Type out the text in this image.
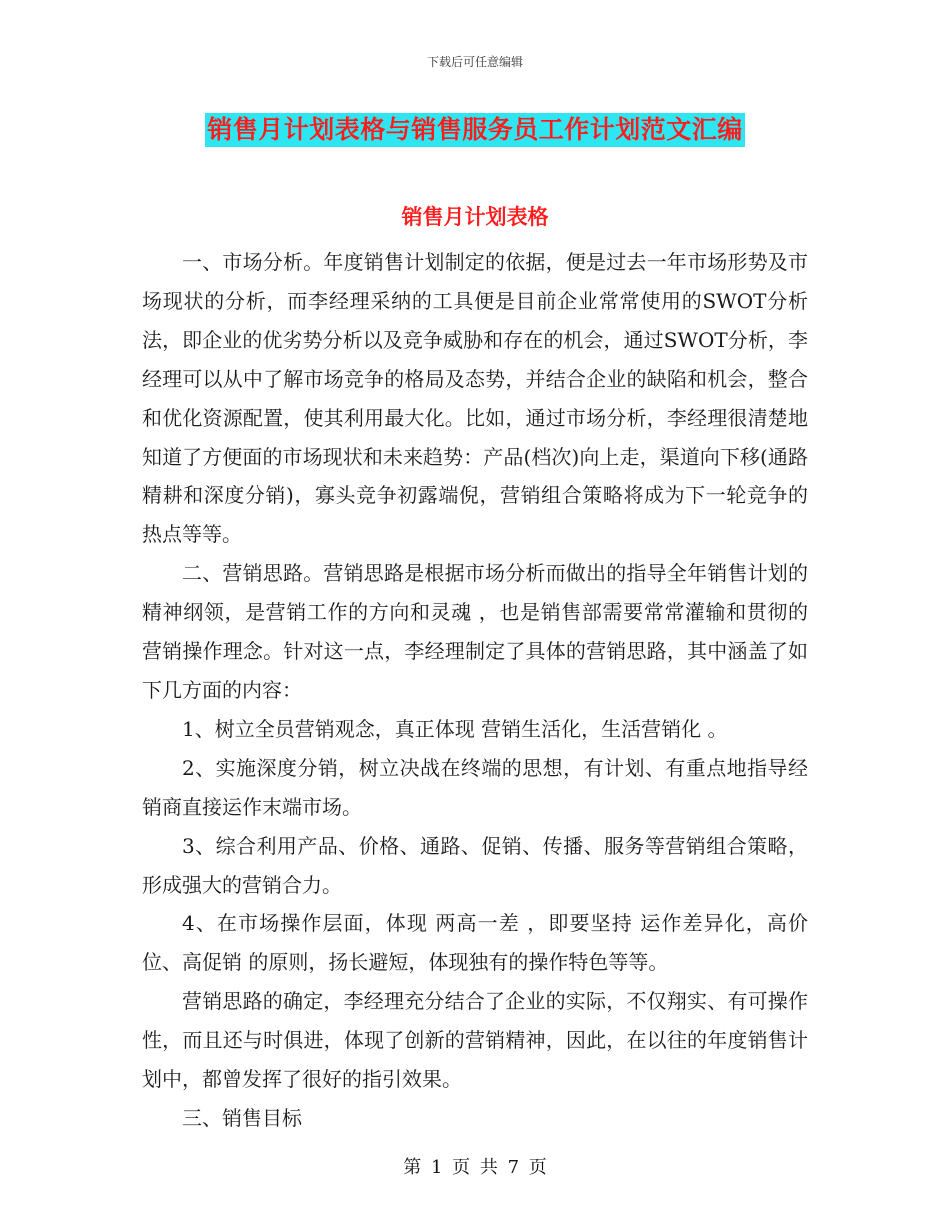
下载后可任意编辑
销售月计划表格与销售服务员工作计划范文汇编
销售月计划表格

一、市场分析。年度销售计划制定的依据，便是过去一年市场形势及市场现状的分析，而李经理采纳的工具便是目前企业常常使用的SWOT分析法，即企业的优劣势分析以及竞争威胁和存在的机会，通过SWOT分析，李经理可以从中了解市场竞争的格局及态势，并结合企业的缺陷和机会，整合和优化资源配置，使其利用最大化。比如，通过市场分析，李经理很清楚地知道了方便面的市场现状和未来趋势：产品(档次)向上走，渠道向下移(通路精耕和深度分销)，寡头竞争初露端倪，营销组合策略将成为下一轮竞争的热点等等。

二、营销思路。营销思路是根据市场分析而做出的指导全年销售计划的 精神纲领，是营销工作的方向和灵魂 ，也是销售部需要常常灌输和贯彻的营销操作理念。针对这一点，李经理制定了具体的营销思路，其中涵盖了如下几方面的内容：

1、树立全员营销观念，真正体现 营销生活化，生活营销化 。

2、实施深度分销，树立决战在终端的思想，有计划、有重点地指导经销商直接运作末端市场。

3、综合利用产品、价格、通路、促销、传播、服务等营销组合策略，形成强大的营销合力。

4、在市场操作层面，体现 两高一差 ，即要坚持 运作差异化，高价位、高促销 的原则，扬长避短，体现独有的操作特色等等。

营销思路的确定，李经理充分结合了企业的实际，不仅翔实、有可操作性，而且还与时俱进，体现了创新的营销精神，因此，在以往的年度销售计划中，都曾发挥了很好的指引效果。

三、销售目标

第 1 页 共 7 页
